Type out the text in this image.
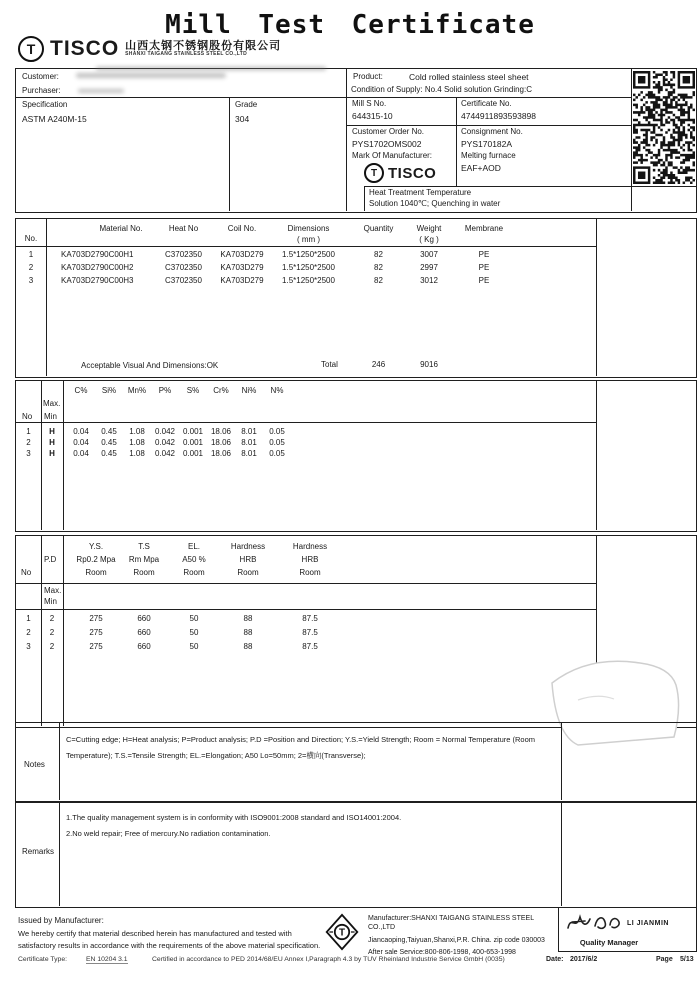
Mill Test Certificate
T TISCO 山西太钢不锈钢股份有限公司
SHANXI TAIGANG STAINLESS STEEL CO.,LTD
Customer:
Purchaser:
Specification
ASTM A240M-15
Grade
304
Product:	Cold rolled stainless steel sheet
Condition of Supply: No.4 Solid solution Grinding:C
Mill S No.
644315-10
Certificate No.
4744911893593898
Customer Order No.
PYS1702OMS002
Mark Of Manufacturer:
T TISCO
Consignment No.
PYS170182A
Melting furnace
EAF+AOD
Heat Treatment Temperature
Solution 1040℃; Quenching in water
No.
Material No.	Heat No	Coil No.	Dimensions
( mm )
Quantity	Weight
( Kg )
Membrane
1	KA703D2790C00H1	C3702350	KA703D279	1.5*1250*2500	82	3007	PE
2	KA703D2790C00H2	C3702350	KA703D279	1.5*1250*2500	82	2997	PE
3	KA703D2790C00H3	C3702350	KA703D279	1.5*1250*2500	82	3012	PE
Acceptable Visual And Dimensions:OK	Total	246	9016
C%	Si%	Mn%	P%	S%	Cr%	Ni%	N%
Max.
No Min
1	H	0.04	0.45	1.08	0.042 0.001 18.06	8.01	0.05
2	H	0.04	0.45	1.08	0.042 0.001 18.06	8.01	0.05
3	H	0.04	0.45	1.08	0.042 0.001 18.06	8.01	0.05
Y.S.	T.S	EL.	Hardness	Hardness
P.D	Rp0.2 Mpa	Rm Mpa	A50 %	HRB	HRB
No	Room	Room	Room	Room	Room
Max.
Min
1	2	275	660	50	88	87.5
2	2	275	660	50	88	87.5
3	2	275	660	50	88	87.5
Notes
C=Cutting edge; H=Heat analysis; P=Product analysis; P.D =Position and Direction; Y.S.=Yield Strength; Room = Normal Temperature (Room Temperature); T.S.=Tensile Strength; EL.=Elongation; A50 Lo=50mm; 2=横向(Transverse);
Remarks
1.The quality management system is in conformity with ISO9001:2008 standard and ISO14001:2004.
2.No weld repair; Free of mercury.No radiation contamination.
Issued by Manufacturer:
We hereby certify that material described herein has manufactured and tested with
satisfactory results in accordance with the requirements of the above material specification.
T
Manufacturer:SHANXI TAIGANG STAINLESS STEEL CO.,LTD
Jiancaoping,Taiyuan,Shanxi,P.R. China. zip code 030003
After sale Service:800-806-1998, 400-653-1998
LI JIANMIN
Quality Manager
Certificate Type:	EN 10204 3.1	Certified in accordance to PED 2014/68/EU Annex I,Paragraph 4.3 by TUV Rheinland Industrie Service GmbH (0035)	Date: 2017/6/2	Page 5/13
